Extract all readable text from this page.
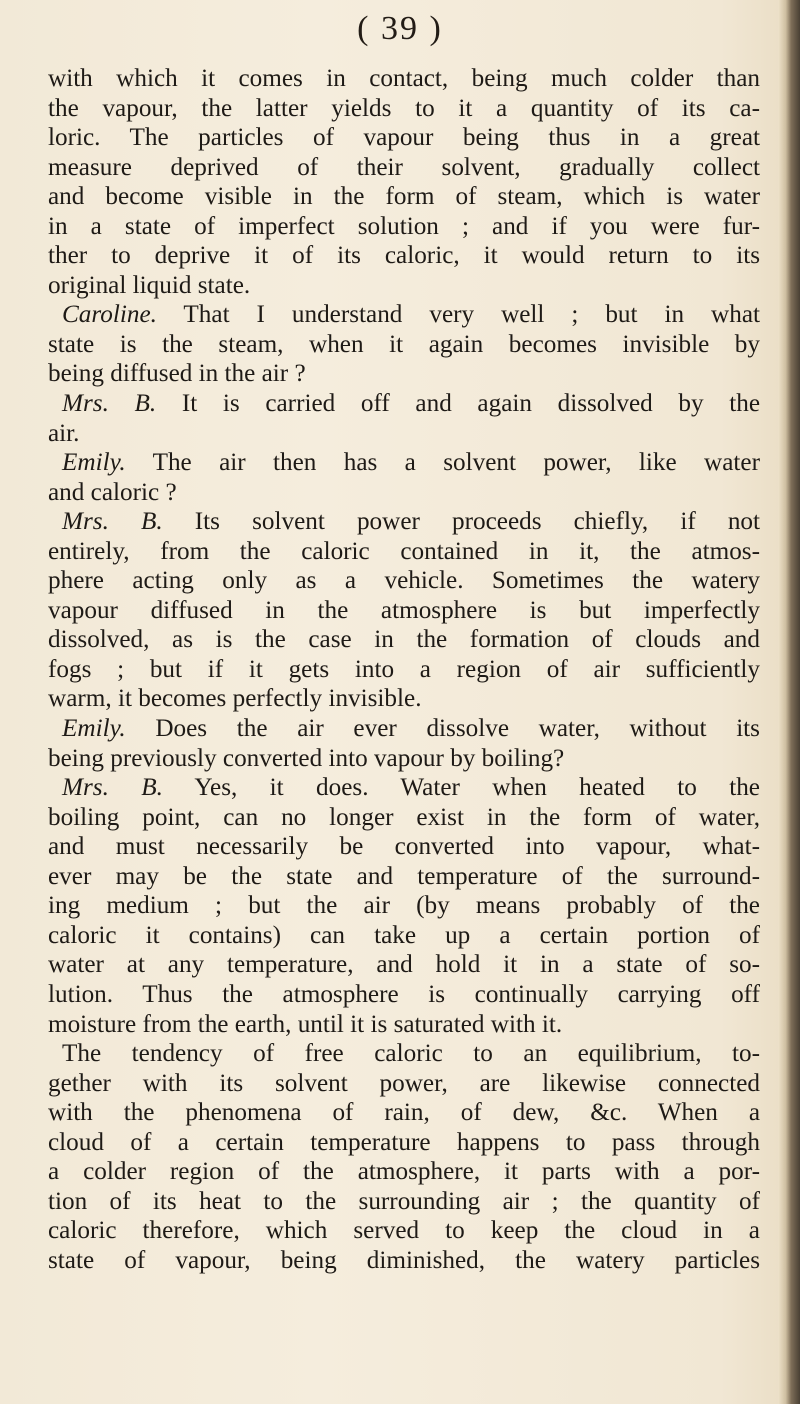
( 39 )
with which it comes in contact, being much colder than
the vapour, the latter yields to it a quantity of its ca-
loric. The particles of vapour being thus in a great
measure deprived of their solvent, gradually collect
and become visible in the form of steam, which is water
in a state of imperfect solution ; and if you were fur-
ther to deprive it of its caloric, it would return to its
original liquid state.
Caroline. That I understand very well ; but in what
state is the steam, when it again becomes invisible by
being diffused in the air ?
Mrs. B. It is carried off and again dissolved by the
air.
Emily. The air then has a solvent power, like water
and caloric ?
Mrs. B. Its solvent power proceeds chiefly, if not
entirely, from the caloric contained in it, the atmos-
phere acting only as a vehicle. Sometimes the watery
vapour diffused in the atmosphere is but imperfectly
dissolved, as is the case in the formation of clouds and
fogs ; but if it gets into a region of air sufficiently
warm, it becomes perfectly invisible.
Emily. Does the air ever dissolve water, without its
being previously converted into vapour by boiling?
Mrs. B. Yes, it does. Water when heated to the
boiling point, can no longer exist in the form of water,
and must necessarily be converted into vapour, what-
ever may be the state and temperature of the surround-
ing medium ; but the air (by means probably of the
caloric it contains) can take up a certain portion of
water at any temperature, and hold it in a state of so-
lution. Thus the atmosphere is continually carrying off
moisture from the earth, until it is saturated with it.
The tendency of free caloric to an equilibrium, to-
gether with its solvent power, are likewise connected
with the phenomena of rain, of dew, &c. When a
cloud of a certain temperature happens to pass through
a colder region of the atmosphere, it parts with a por-
tion of its heat to the surrounding air ; the quantity of
caloric therefore, which served to keep the cloud in a
state of vapour, being diminished, the watery particles
